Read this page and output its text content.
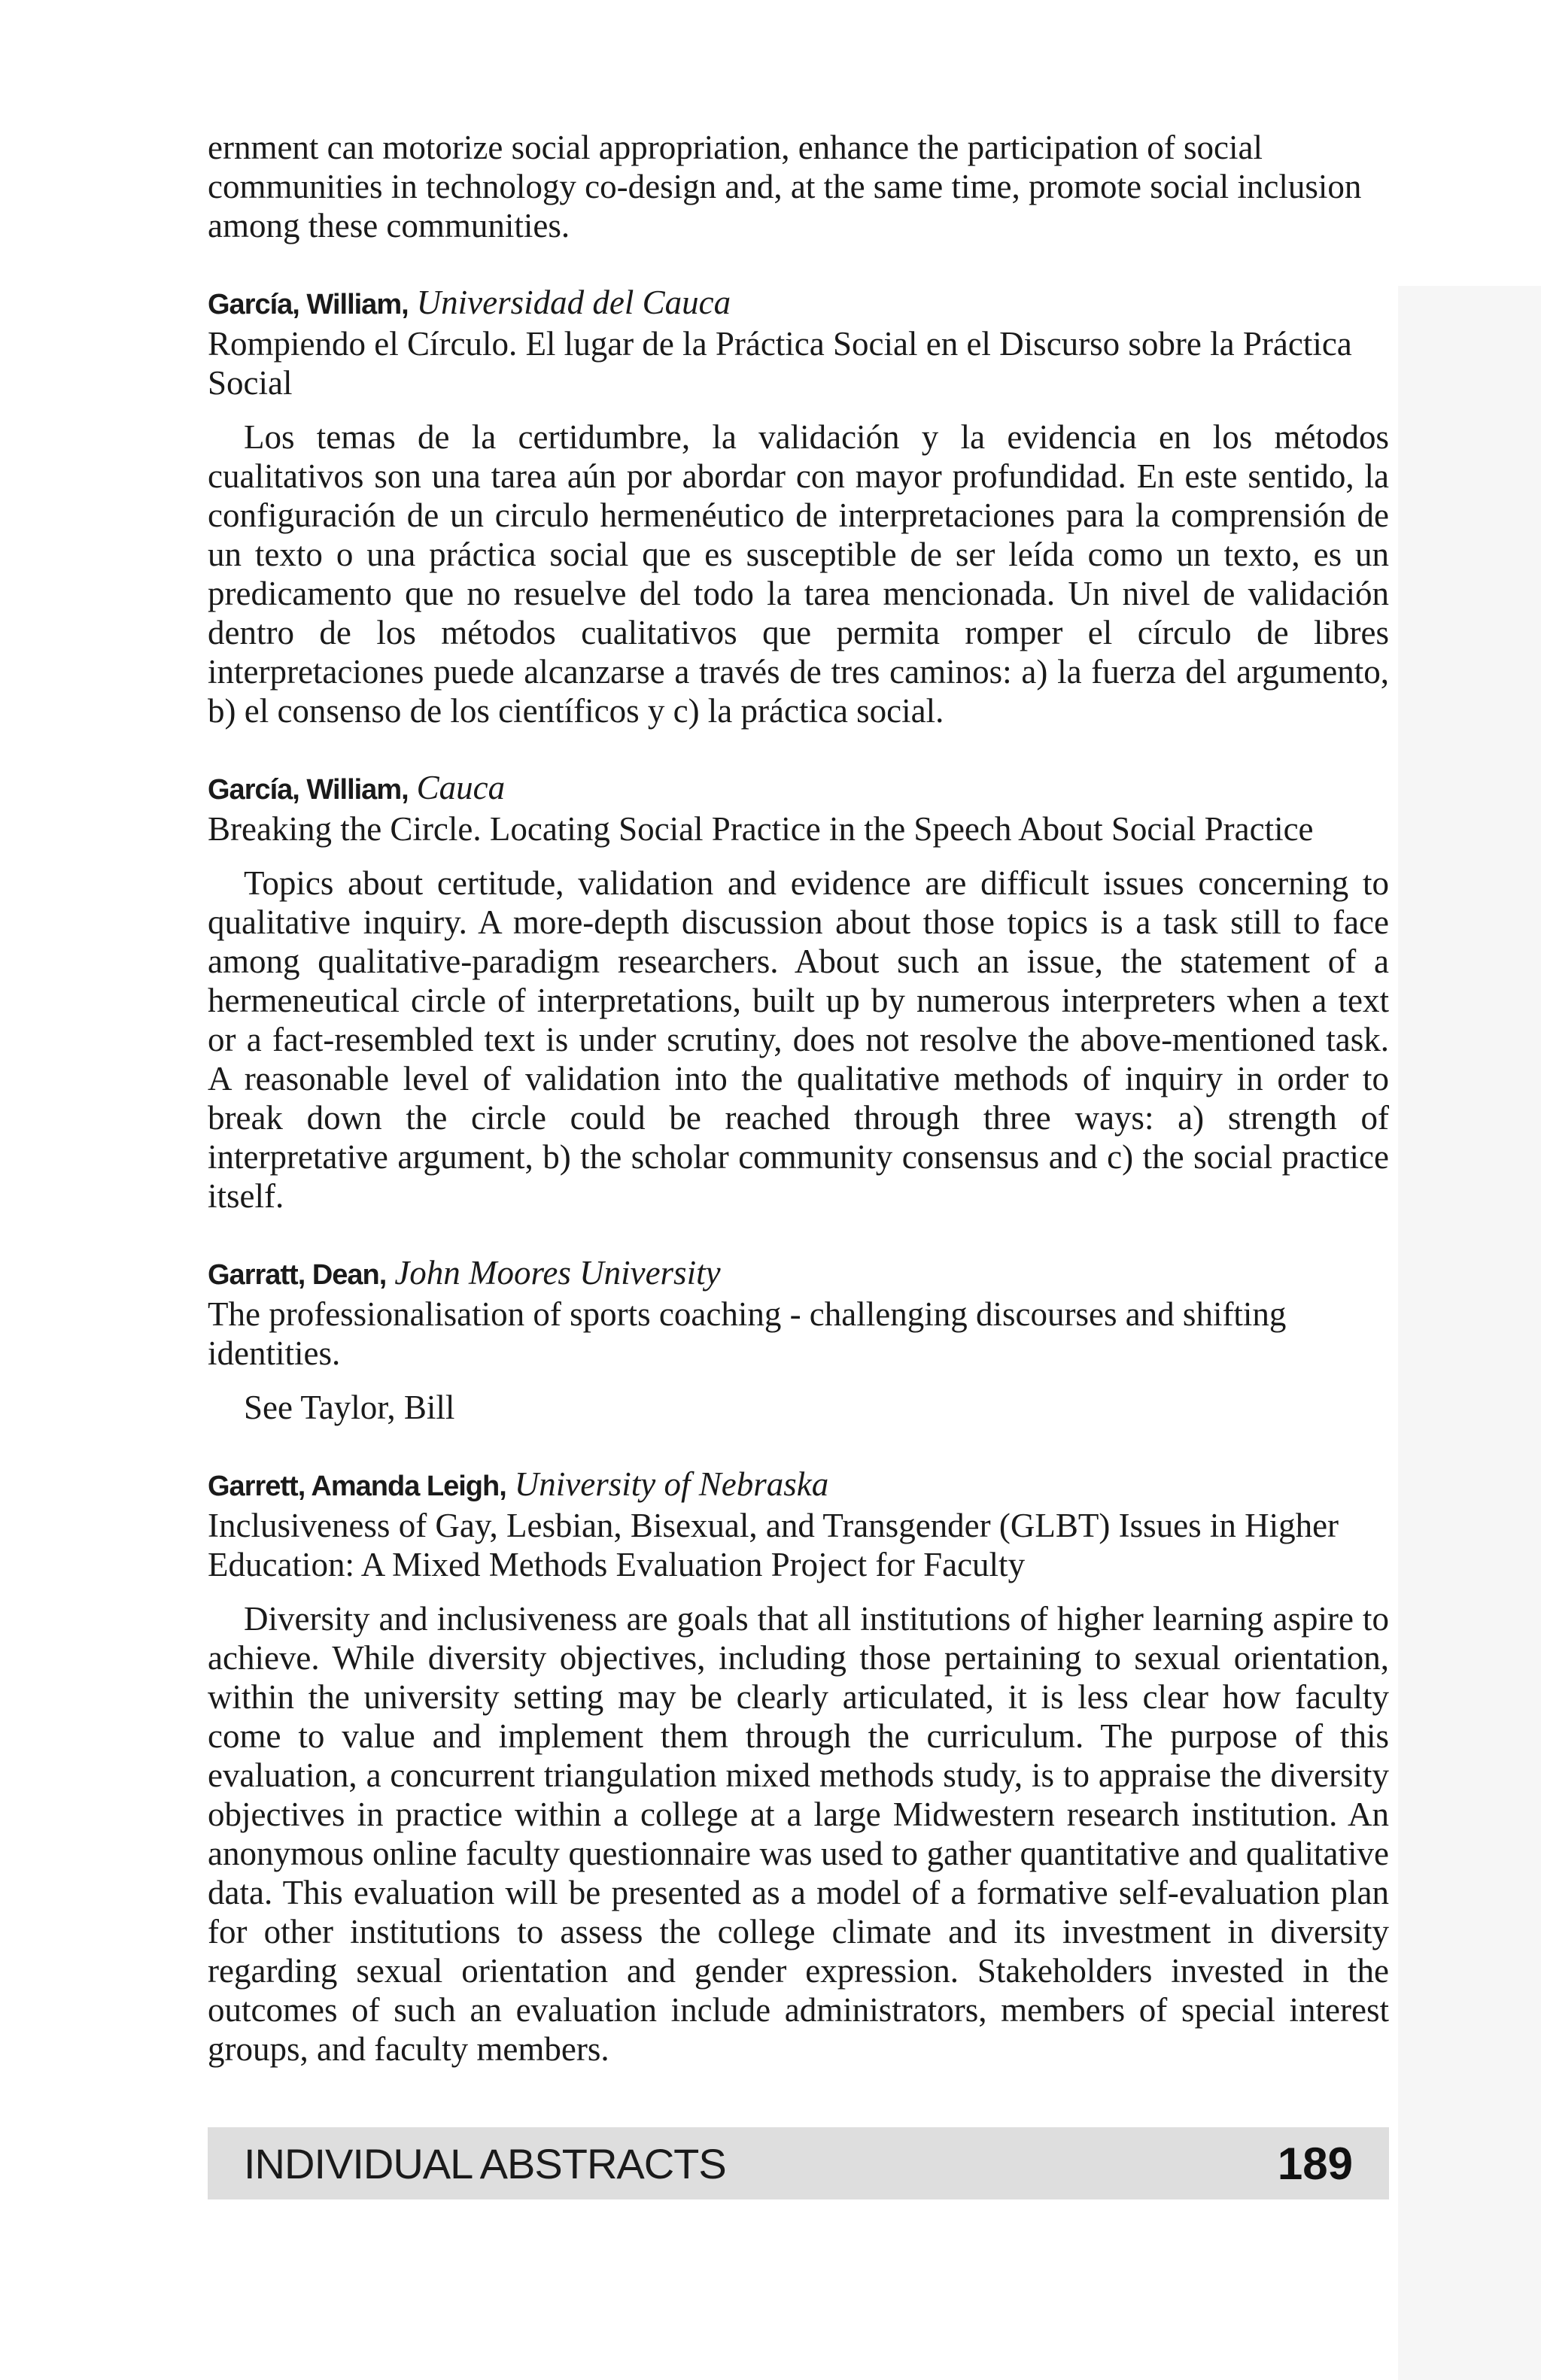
ernment can motorize social appropriation, enhance the participation of social communities in technology co-design and, at the same time, promote social inclusion among these communities.

García, William, Universidad del Cauca

Rompiendo el Círculo. El lugar de la Práctica Social en el Discurso sobre la Práctica Social

Los temas de la certidumbre, la validación y la evidencia en los métodos cualitativos son una tarea aún por abordar con mayor profundidad. En este sentido, la configuración de un circulo hermenéutico de interpretaciones para la comprensión de un texto o una práctica social que es susceptible de ser leída como un texto, es un predicamento que no resuelve del todo la tarea mencionada. Un nivel de validación dentro de los métodos cualitativos que permita romper el círculo de libres interpretaciones puede alcanzarse a través de tres caminos: a) la fuerza del argumento, b) el consenso de los científicos y c) la práctica social.

García, William, Cauca

Breaking the Circle. Locating Social Practice in the Speech About Social Practice

Topics about certitude, validation and evidence are difficult issues concerning to qualitative inquiry. A more-depth discussion about those topics is a task still to face among qualitative-paradigm researchers. About such an issue, the statement of a hermeneutical circle of interpretations, built up by numerous interpreters when a text or a fact-resembled text is under scrutiny, does not resolve the above-mentioned task. A reasonable level of validation into the qualitative methods of inquiry in order to break down the circle could be reached through three ways: a) strength of interpretative argument, b) the scholar community consensus and c) the social practice itself.

Garratt, Dean, John Moores University

The professionalisation of sports coaching - challenging discourses and shifting identities.

See Taylor, Bill

Garrett, Amanda Leigh, University of Nebraska

Inclusiveness of Gay, Lesbian, Bisexual, and Transgender (GLBT) Issues in Higher Education: A Mixed Methods Evaluation Project for Faculty

Diversity and inclusiveness are goals that all institutions of higher learning aspire to achieve. While diversity objectives, including those pertaining to sexual orientation, within the university setting may be clearly articulated, it is less clear how faculty come to value and implement them through the curriculum. The purpose of this evaluation, a concurrent triangulation mixed methods study, is to appraise the diversity objectives in practice within a college at a large Midwestern research institution. An anonymous online faculty questionnaire was used to gather quantitative and qualitative data. This evaluation will be presented as a model of a formative self-evaluation plan for other institutions to assess the college climate and its investment in diversity regarding sexual orientation and gender expression. Stakeholders invested in the outcomes of such an evaluation include administrators, members of special interest groups, and faculty members.

INDIVIDUAL ABSTRACTS	189
